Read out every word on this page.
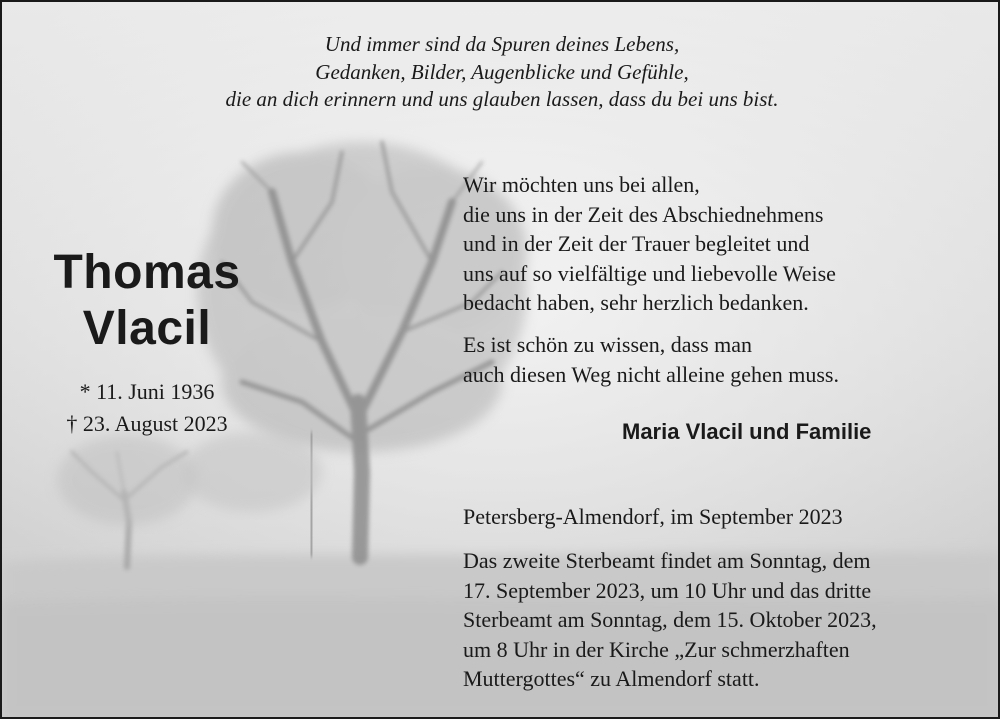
Und immer sind da Spuren deines Lebens,
Gedanken, Bilder, Augenblicke und Gefühle,
die an dich erinnern und uns glauben lassen, dass du bei uns bist.
Thomas
Vlacil
* 11. Juni 1936
† 23. August 2023
Wir möchten uns bei allen,
die uns in der Zeit des Abschiednehmens
und in der Zeit der Trauer begleitet und
uns auf so vielfältige und liebevolle Weise
bedacht haben, sehr herzlich bedanken.
Es ist schön zu wissen, dass man
auch diesen Weg nicht alleine gehen muss.
Maria Vlacil und Familie
Petersberg-Almendorf, im September 2023
Das zweite Sterbeamt findet am Sonntag, dem
17. September 2023, um 10 Uhr und das dritte
Sterbeamt am Sonntag, dem 15. Oktober 2023,
um 8 Uhr in der Kirche „Zur schmerzhaften
Muttergottes“ zu Almendorf statt.
